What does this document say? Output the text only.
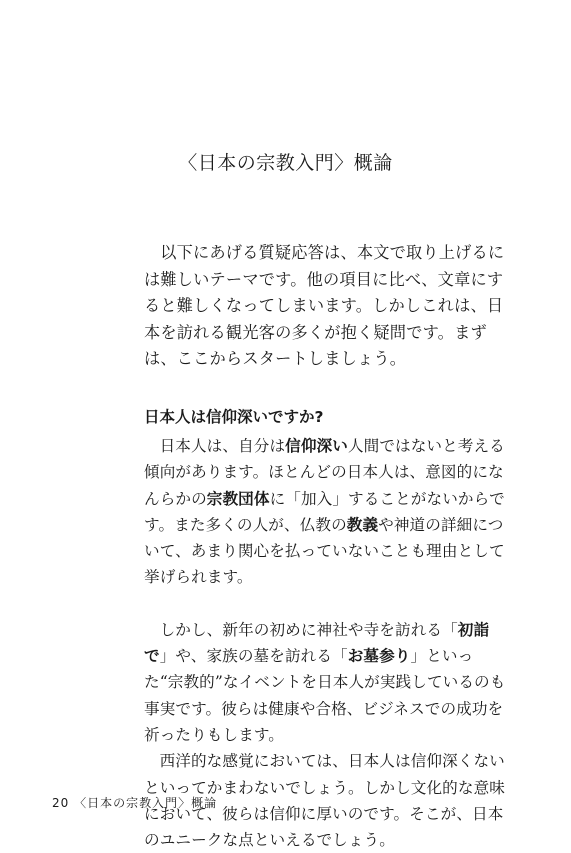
〈日本の宗教入門〉概論

以下にあげる質疑応答は、本文で取り上げるには難しいテーマです。他の項目に比べ、文章にすると難しくなってしまいます。しかしこれは、日本を訪れる観光客の多くが抱く疑問です。まずは、ここからスタートしましょう。

日本人は信仰深いですか?

日本人は、自分は信仰深い人間ではないと考える傾向があります。ほとんどの日本人は、意図的になんらかの宗教団体に「加入」することがないからです。また多くの人が、仏教の教義や神道の詳細について、あまり関心を払っていないことも理由として挙げられます。

しかし、新年の初めに神社や寺を訪れる「初詣で」や、家族の墓を訪れる「お墓参り」といった“宗教的”なイベントを日本人が実践しているのも事実です。彼らは健康や合格、ビジネスでの成功を祈ったりもします。

西洋的な感覚においては、日本人は信仰深くないといってかまわないでしょう。しかし文化的な意味において、彼らは信仰に厚いのです。そこが、日本のユニークな点といえるでしょう。

20 〈日本の宗教入門〉概論
